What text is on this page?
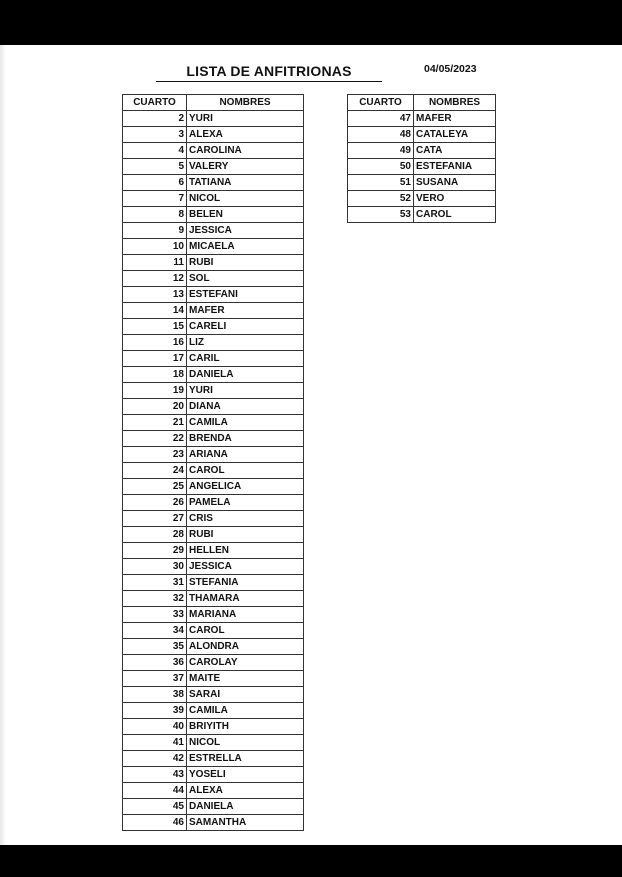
LISTA DE ANFITRIONAS	04/05/2023
CUARTO	NOMBRES
2	YURI
3	ALEXA
4	CAROLINA
5	VALERY
6	TATIANA
7	NICOL
8	BELEN
9	JESSICA
10	MICAELA
11	RUBI
12	SOL
13	ESTEFANI
14	MAFER
15	CARELI
16	LIZ
17	CARIL
18	DANIELA
19	YURI
20	DIANA
21	CAMILA
22	BRENDA
23	ARIANA
24	CAROL
25	ANGELICA
26	PAMELA
27	CRIS
28	RUBI
29	HELLEN
30	JESSICA
31	STEFANIA
32	THAMARA
33	MARIANA
34	CAROL
35	ALONDRA
36	CAROLAY
37	MAITE
38	SARAI
39	CAMILA
40	BRIYITH
41	NICOL
42	ESTRELLA
43	YOSELI
44	ALEXA
45	DANIELA
46	SAMANTHA
CUARTO	NOMBRES
47	MAFER
48	CATALEYA
49	CATA
50	ESTEFANIA
51	SUSANA
52	VERO
53	CAROL
